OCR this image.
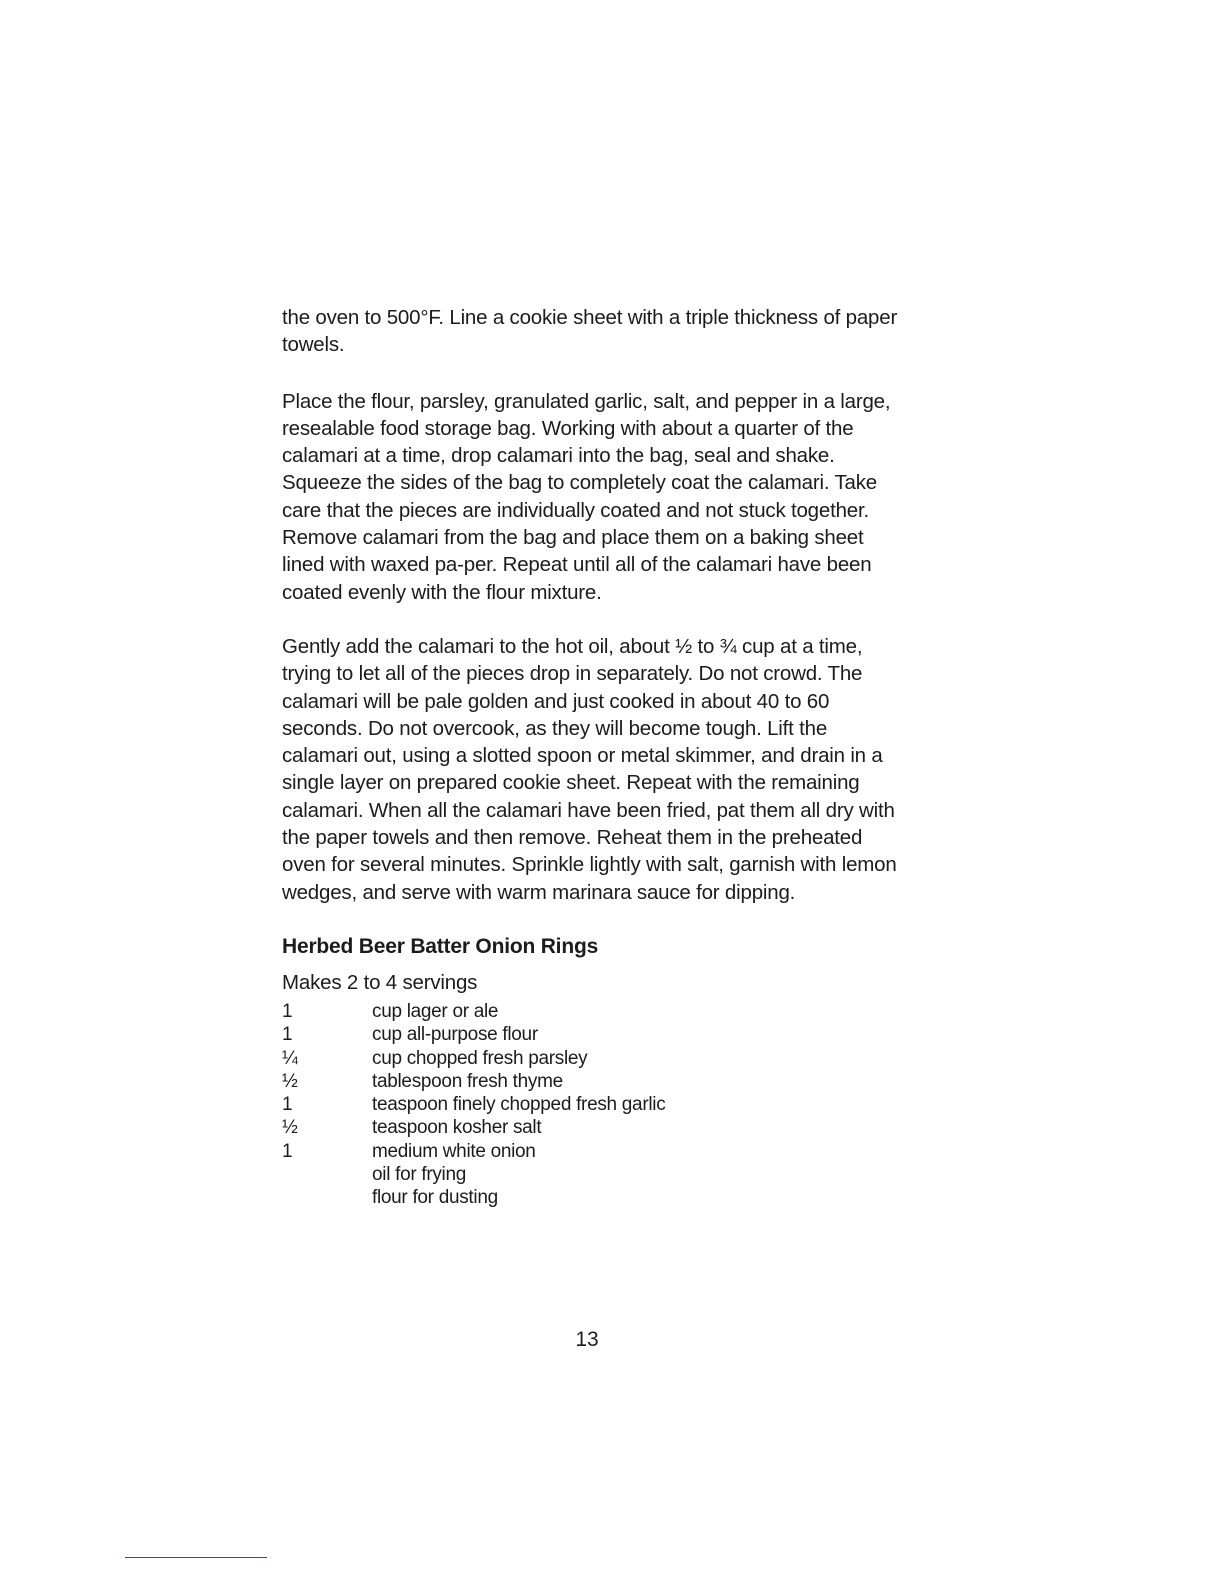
the oven to 500°F. Line a cookie sheet with a triple thickness of paper towels.

Place the flour, parsley, granulated garlic, salt, and pepper in a large, resealable food storage bag. Working with about a quarter of the calamari at a time, drop calamari into the bag, seal and shake. Squeeze the sides of the bag to completely coat the calamari. Take care that the pieces are individually coated and not stuck together. Remove calamari from the bag and place them on a baking sheet lined with waxed pa-per. Repeat until all of the calamari have been coated evenly with the flour mixture.

Gently add the calamari to the hot oil, about ½ to ¾ cup at a time, trying to let all of the pieces drop in separately. Do not crowd. The calamari will be pale golden and just cooked in about 40 to 60 seconds. Do not overcook, as they will become tough. Lift the calamari out, using a slotted spoon or metal skimmer, and drain in a single layer on prepared cookie sheet. Repeat with the remaining calamari. When all the calamari have been fried, pat them all dry with the paper towels and then remove. Reheat them in the preheated oven for several minutes. Sprinkle lightly with salt, garnish with lemon wedges, and serve with warm marinara sauce for dipping.

Herbed Beer Batter Onion Rings

Makes 2 to 4 servings

1	cup lager or ale
1	cup all-purpose flour
¼	cup chopped fresh parsley
½	tablespoon fresh thyme
1	teaspoon finely chopped fresh garlic
½	teaspoon kosher salt
1	medium white onion
oil for frying
flour for dusting
13
